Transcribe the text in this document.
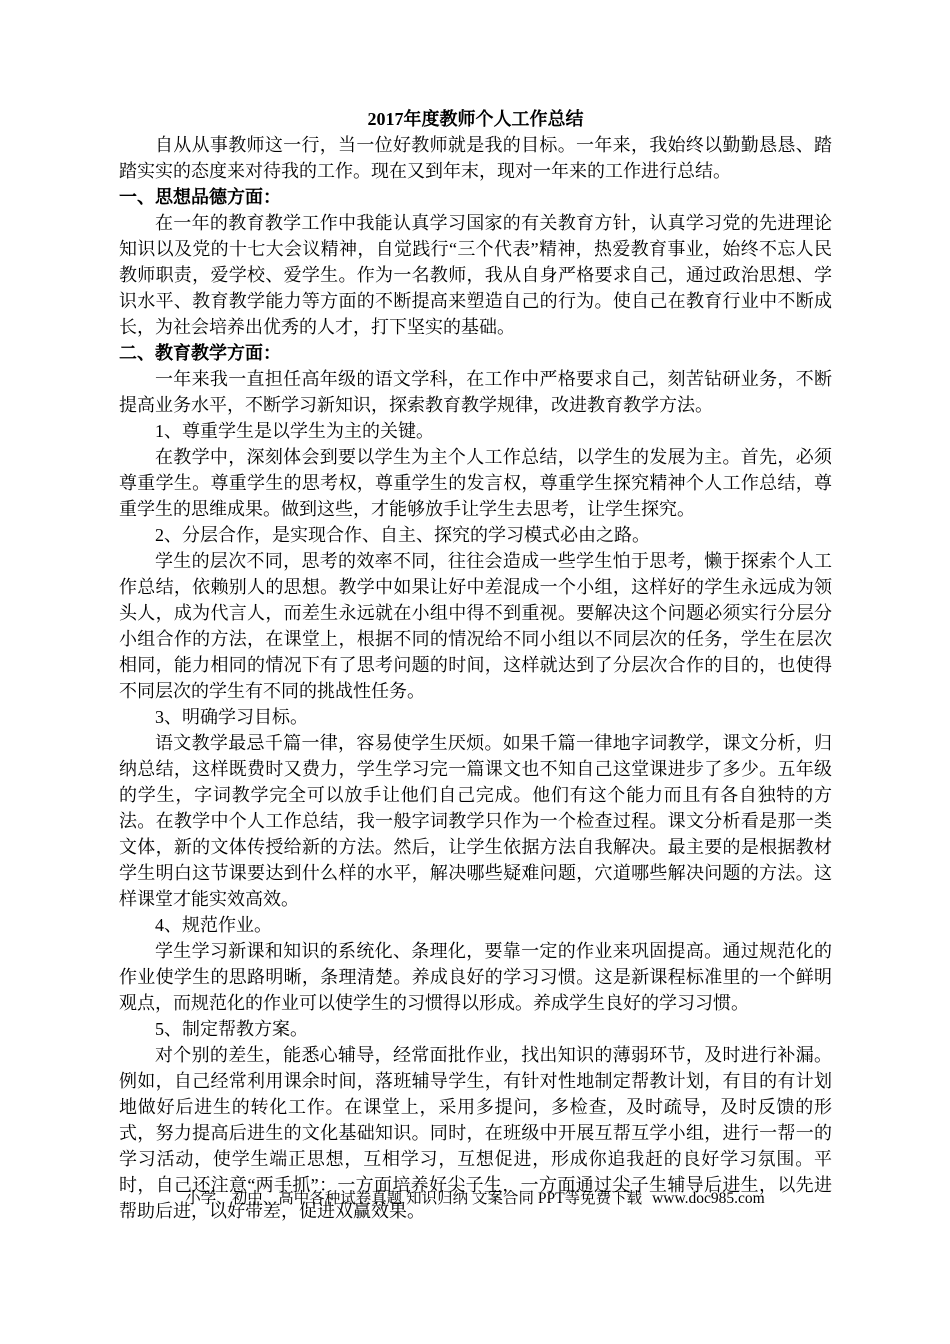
2017年度教师个人工作总结

自从从事教师这一行，当一位好教师就是我的目标。一年来，我始终以勤勤恳恳、踏踏实实的态度来对待我的工作。现在又到年末，现对一年来的工作进行总结。

一、思想品德方面：

在一年的教育教学工作中我能认真学习国家的有关教育方针，认真学习党的先进理论知识以及党的十七大会议精神，自觉践行“三个代表”精神，热爱教育事业，始终不忘人民教师职责，爱学校、爱学生。作为一名教师，我从自身严格要求自己，通过政治思想、学识水平、教育教学能力等方面的不断提高来塑造自己的行为。使自己在教育行业中不断成长，为社会培养出优秀的人才，打下坚实的基础。

二、教育教学方面：

一年来我一直担任高年级的语文学科，在工作中严格要求自己，刻苦钻研业务，不断提高业务水平，不断学习新知识，探索教育教学规律，改进教育教学方法。

1、尊重学生是以学生为主的关键。

在教学中，深刻体会到要以学生为主个人工作总结，以学生的发展为主。首先，必须尊重学生。尊重学生的思考权，尊重学生的发言权，尊重学生探究精神个人工作总结，尊重学生的思维成果。做到这些，才能够放手让学生去思考，让学生探究。

2、分层合作，是实现合作、自主、探究的学习模式必由之路。

学生的层次不同，思考的效率不同，往往会造成一些学生怕于思考，懒于探索个人工作总结，依赖别人的思想。教学中如果让好中差混成一个小组，这样好的学生永远成为领头人，成为代言人，而差生永远就在小组中得不到重视。要解决这个问题必须实行分层分小组合作的方法，在课堂上，根据不同的情况给不同小组以不同层次的任务，学生在层次相同，能力相同的情况下有了思考问题的时间，这样就达到了分层次合作的目的，也使得不同层次的学生有不同的挑战性任务。

3、明确学习目标。

语文教学最忌千篇一律，容易使学生厌烦。如果千篇一律地字词教学，课文分析，归纳总结，这样既费时又费力，学生学习完一篇课文也不知自己这堂课进步了多少。五年级的学生，字词教学完全可以放手让他们自己完成。他们有这个能力而且有各自独特的方法。在教学中个人工作总结，我一般字词教学只作为一个检查过程。课文分析看是那一类文体，新的文体传授给新的方法。然后，让学生依据方法自我解决。最主要的是根据教材学生明白这节课要达到什么样的水平，解决哪些疑难问题，穴道哪些解决问题的方法。这样课堂才能实效高效。

4、规范作业。

学生学习新课和知识的系统化、条理化，要靠一定的作业来巩固提高。通过规范化的作业使学生的思路明晰，条理清楚。养成良好的学习习惯。这是新课程标准里的一个鲜明观点，而规范化的作业可以使学生的习惯得以形成。养成学生良好的学习习惯。

5、制定帮教方案。

对个别的差生，能悉心辅导，经常面批作业，找出知识的薄弱环节，及时进行补漏。例如，自己经常利用课余时间，落班辅导学生，有针对性地制定帮教计划，有目的有计划地做好后进生的转化工作。在课堂上，采用多提问，多检查，及时疏导，及时反馈的形式，努力提高后进生的文化基础知识。同时，在班级中开展互帮互学小组，进行一帮一的学习活动，使学生端正思想，互相学习，互想促进，形成你追我赶的良好学习氛围。平时，自己还注意“两手抓”：一方面培养好尖子生，一方面通过尖子生辅导后进生，以先进帮助后进，以好带差，促进双赢效果。

小学、初中、高中各种试卷真题 知识归纳 文案合同 PPT等免费下载 www.doc985.com
